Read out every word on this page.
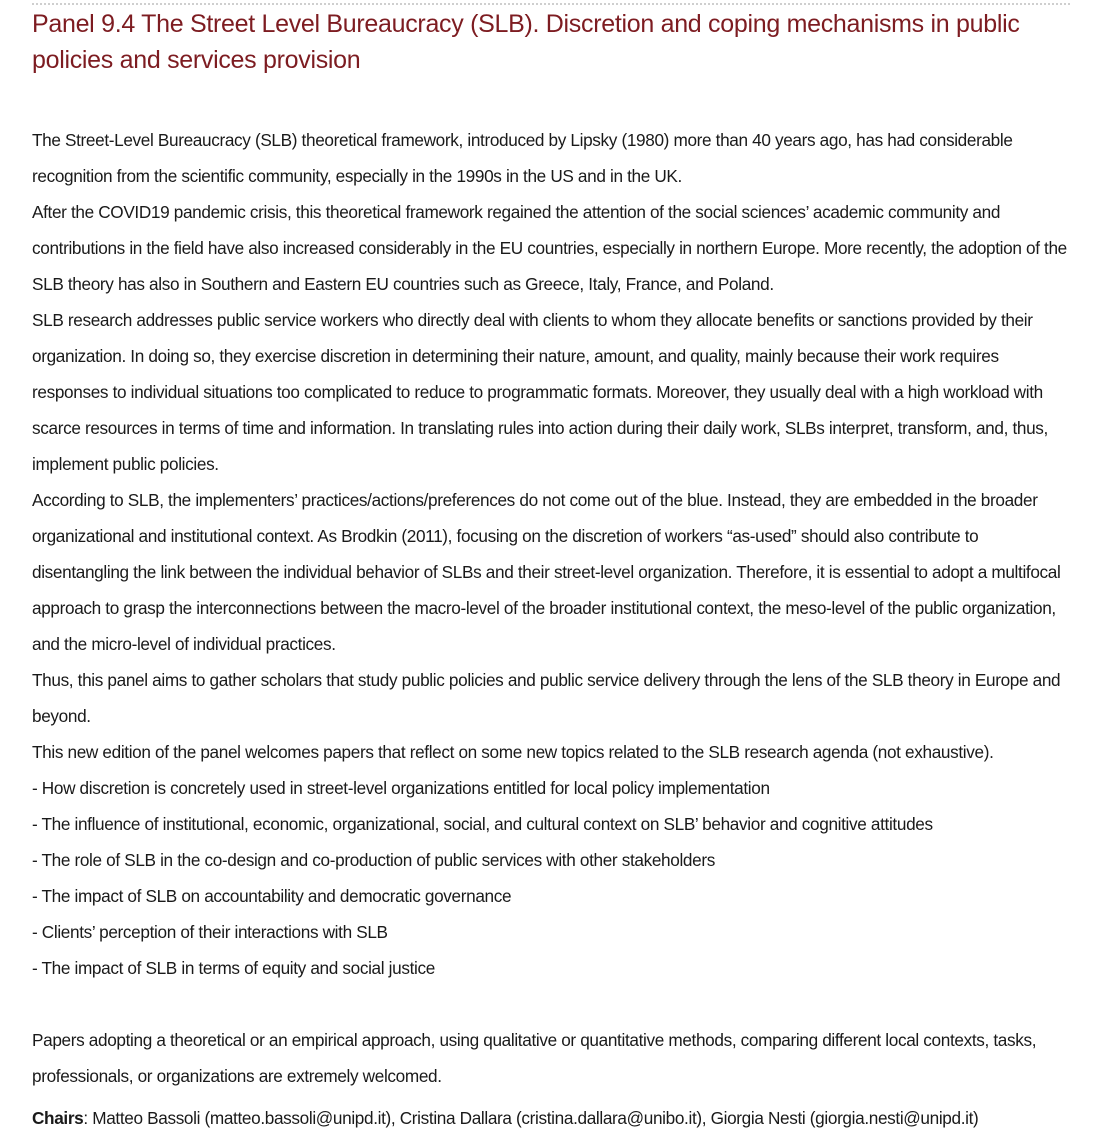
Panel 9.4 The Street Level Bureaucracy (SLB). Discretion and coping mechanisms in public policies and services provision

The Street-Level Bureaucracy (SLB) theoretical framework, introduced by Lipsky (1980) more than 40 years ago, has had considerable recognition from the scientific community, especially in the 1990s in the US and in the UK.

After the COVID19 pandemic crisis, this theoretical framework regained the attention of the social sciences’ academic community and contributions in the field have also increased considerably in the EU countries, especially in northern Europe. More recently, the adoption of the SLB theory has also in Southern and Eastern EU countries such as Greece, Italy, France, and Poland.

SLB research addresses public service workers who directly deal with clients to whom they allocate benefits or sanctions provided by their organization. In doing so, they exercise discretion in determining their nature, amount, and quality, mainly because their work requires responses to individual situations too complicated to reduce to programmatic formats. Moreover, they usually deal with a high workload with scarce resources in terms of time and information. In translating rules into action during their daily work, SLBs interpret, transform, and, thus, implement public policies.

According to SLB, the implementers’ practices/actions/preferences do not come out of the blue. Instead, they are embedded in the broader organizational and institutional context. As Brodkin (2011), focusing on the discretion of workers “as-used” should also contribute to disentangling the link between the individual behavior of SLBs and their street-level organization. Therefore, it is essential to adopt a multifocal approach to grasp the interconnections between the macro-level of the broader institutional context, the meso-level of the public organization, and the micro-level of individual practices.

Thus, this panel aims to gather scholars that study public policies and public service delivery through the lens of the SLB theory in Europe and beyond.

This new edition of the panel welcomes papers that reflect on some new topics related to the SLB research agenda (not exhaustive).

- How discretion is concretely used in street-level organizations entitled for local policy implementation
- The influence of institutional, economic, organizational, social, and cultural context on SLB’ behavior and cognitive attitudes
- The role of SLB in the co-design and co-production of public services with other stakeholders
- The impact of SLB on accountability and democratic governance
- Clients’ perception of their interactions with SLB
- The impact of SLB in terms of equity and social justice

Papers adopting a theoretical or an empirical approach, using qualitative or quantitative methods, comparing different local contexts, tasks, professionals, or organizations are extremely welcomed.

Chairs: Matteo Bassoli (matteo.bassoli@unipd.it), Cristina Dallara (cristina.dallara@unibo.it), Giorgia Nesti (giorgia.nesti@unipd.it)
